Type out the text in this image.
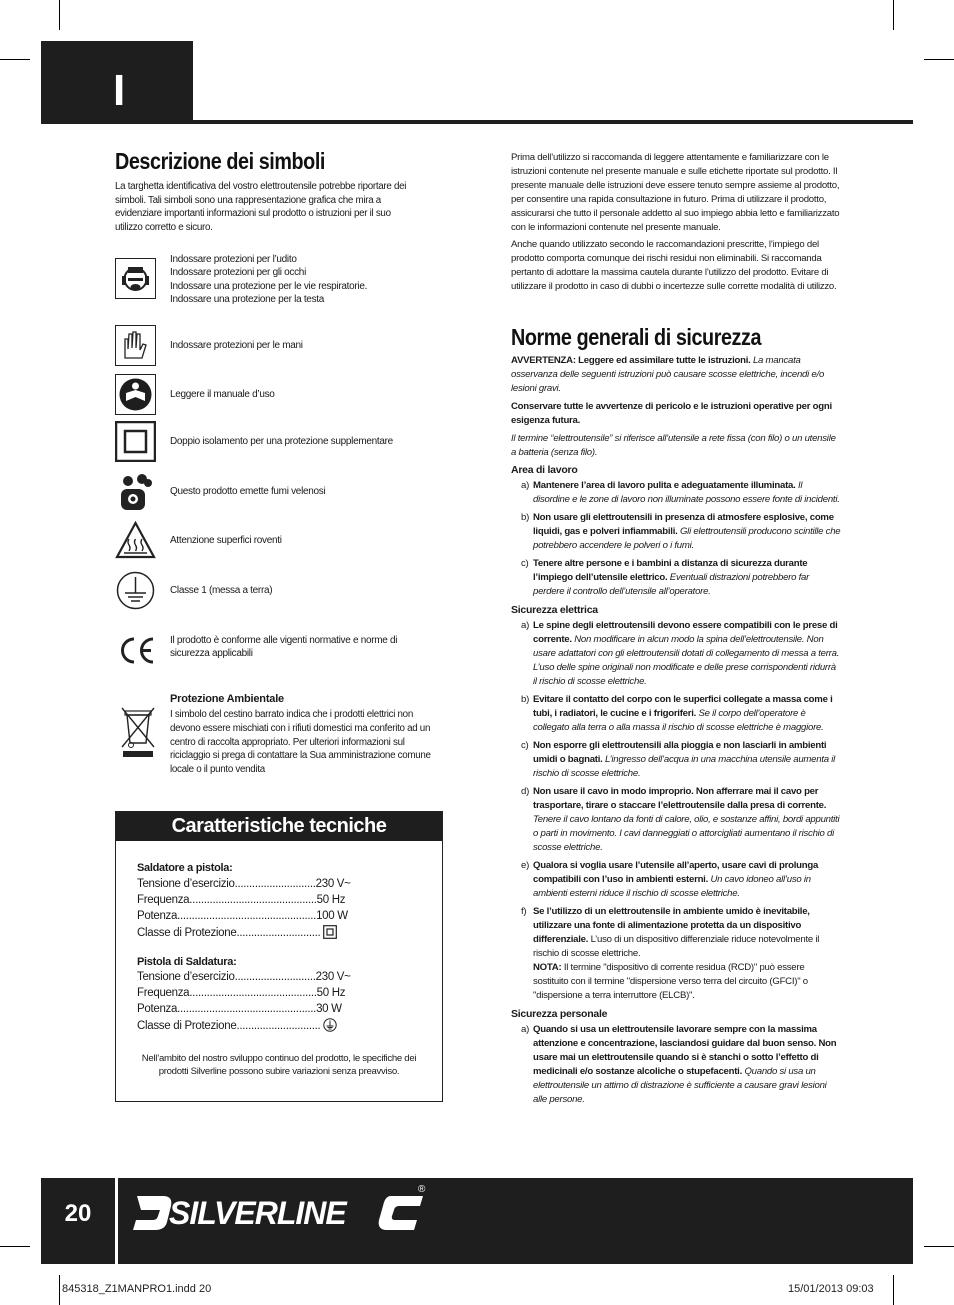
I
Descrizione dei simboli
La targhetta identificativa del vostro elettroutensile potrebbe riportare dei simboli. Tali simboli sono una rappresentazione grafica che mira a evidenziare importanti informazioni sul prodotto o istruzioni per il suo utilizzo corretto e sicuro.
Indossare protezioni per l’udito
Indossare protezioni per gli occhi
Indossare una protezione per le vie respiratorie.
Indossare una protezione per la testa
Indossare protezioni per le mani
Leggere il manuale d’uso
Doppio isolamento per una protezione supplementare
Questo prodotto emette fumi velenosi
Attenzione superfici roventi
Classe 1 (messa a terra)
Il prodotto è conforme alle vigenti normative e norme di sicurezza applicabili
Protezione Ambientale
I simbolo del cestino barrato indica che i prodotti elettrici non devono essere mischiati con i rifiuti domestici ma conferito ad un centro di raccolta appropriato. Per ulteriori informazioni sul riciclaggio si prega di contattare la Sua amministrazione comune locale o il punto vendita
Caratteristiche tecniche
Saldatore a pistola:
Tensione d’esercizio............................230 V~
Frequenza............................................50 Hz
Potenza................................................100 W
Classe di Protezione.............................
Pistola di Saldatura:
Tensione d’esercizio............................230 V~
Frequenza............................................50 Hz
Potenza................................................30 W
Classe di Protezione.............................
Nell’ambito del nostro sviluppo continuo del prodotto, le specifiche dei prodotti Silverline possono subire variazioni senza preavviso.
Prima dell’utilizzo si raccomanda di leggere attentamente e familiarizzare con le istruzioni contenute nel presente manuale e sulle etichette riportate sul prodotto. Il presente manuale delle istruzioni deve essere tenuto sempre assieme al prodotto, per consentire una rapida consultazione in futuro. Prima di utilizzare il prodotto, assicurarsi che tutto il personale addetto al suo impiego abbia letto e familiarizzato con le informazioni contenute nel presente manuale.
Anche quando utilizzato secondo le raccomandazioni prescritte, l’impiego del prodotto comporta comunque dei rischi residui non eliminabili. Si raccomanda pertanto di adottare la massima cautela durante l’utilizzo del prodotto. Evitare di utilizzare il prodotto in caso di dubbi o incertezze sulle corrette modalità di utilizzo.
Norme generali di sicurezza
AVVERTENZA: Leggere ed assimilare tutte le istruzioni. La mancata osservanza delle seguenti istruzioni può causare scosse elettriche, incendi e/o lesioni gravi.
Conservare tutte le avvertenze di pericolo e le istruzioni operative per ogni esigenza futura.
Il termine “elettroutensile” si riferisce all’utensile a rete fissa (con filo) o un utensile a batteria (senza filo).
Area di lavoro
a) Mantenere l’area di lavoro pulita e adeguatamente illuminata. Il disordine e le zone di lavoro non illuminate possono essere fonte di incidenti.
b) Non usare gli elettroutensili in presenza di atmosfere esplosive, come liquidi, gas e polveri infiammabili. Gli elettroutensili producono scintille che potrebbero accendere le polveri o i fumi.
c) Tenere altre persone e i bambini a distanza di sicurezza durante l’impiego dell’utensile elettrico. Eventuali distrazioni potrebbero far perdere il controllo dell’utensile all’operatore.
Sicurezza elettrica
a) Le spine degli elettroutensili devono essere compatibili con le prese di corrente. Non modificare in alcun modo la spina dell’elettroutensile. Non usare adattatori con gli elettroutensili dotati di collegamento di messa a terra. L’uso delle spine originali non modificate e delle prese corrispondenti ridurrà il rischio di scosse elettriche.
b) Evitare il contatto del corpo con le superfici collegate a massa come i tubi, i radiatori, le cucine e i frigoriferi. Se il corpo dell’operatore è collegato alla terra o alla massa il rischio di scosse elettriche è maggiore.
c) Non esporre gli elettroutensili alla pioggia e non lasciarli in ambienti umidi o bagnati. L’ingresso dell’acqua in una macchina utensile aumenta il rischio di scosse elettriche.
d) Non usare il cavo in modo improprio. Non afferrare mai il cavo per trasportare, tirare o staccare l’elettroutensile dalla presa di corrente. Tenere il cavo lontano da fonti di calore, olio, e sostanze affini, bordi appuntiti o parti in movimento. I cavi danneggiati o attorcigliati aumentano il rischio di scosse elettriche.
e) Qualora si voglia usare l’utensile all’aperto, usare cavi di prolunga compatibili con l’uso in ambienti esterni. Un cavo idoneo all’uso in ambienti esterni riduce il rischio di scosse elettriche.
f) Se l’utilizzo di un elettroutensile in ambiente umido è inevitabile, utilizzare una fonte di alimentazione protetta da un dispositivo differenziale. L’uso di un dispositivo differenziale riduce notevolmente il rischio di scosse elettriche.
NOTA: Il termine "dispositivo di corrente residua (RCD)" può essere sostituito con il termine "dispersione verso terra del circuito (GFCI)" o "dispersione a terra interruttore (ELCB)".
Sicurezza personale
a) Quando si usa un elettroutensile lavorare sempre con la massima attenzione e concentrazione, lasciandosi guidare dal buon senso. Non usare mai un elettroutensile quando si è stanchi o sotto l’effetto di medicinali e/o sostanze alcoliche o stupefacenti. Quando si usa un elettroutensile un attimo di distrazione è sufficiente a causare gravi lesioni alle persone.
20	SILVERLINE
®
845318_Z1MANPRO1.indd 20	15/01/2013 09:03
